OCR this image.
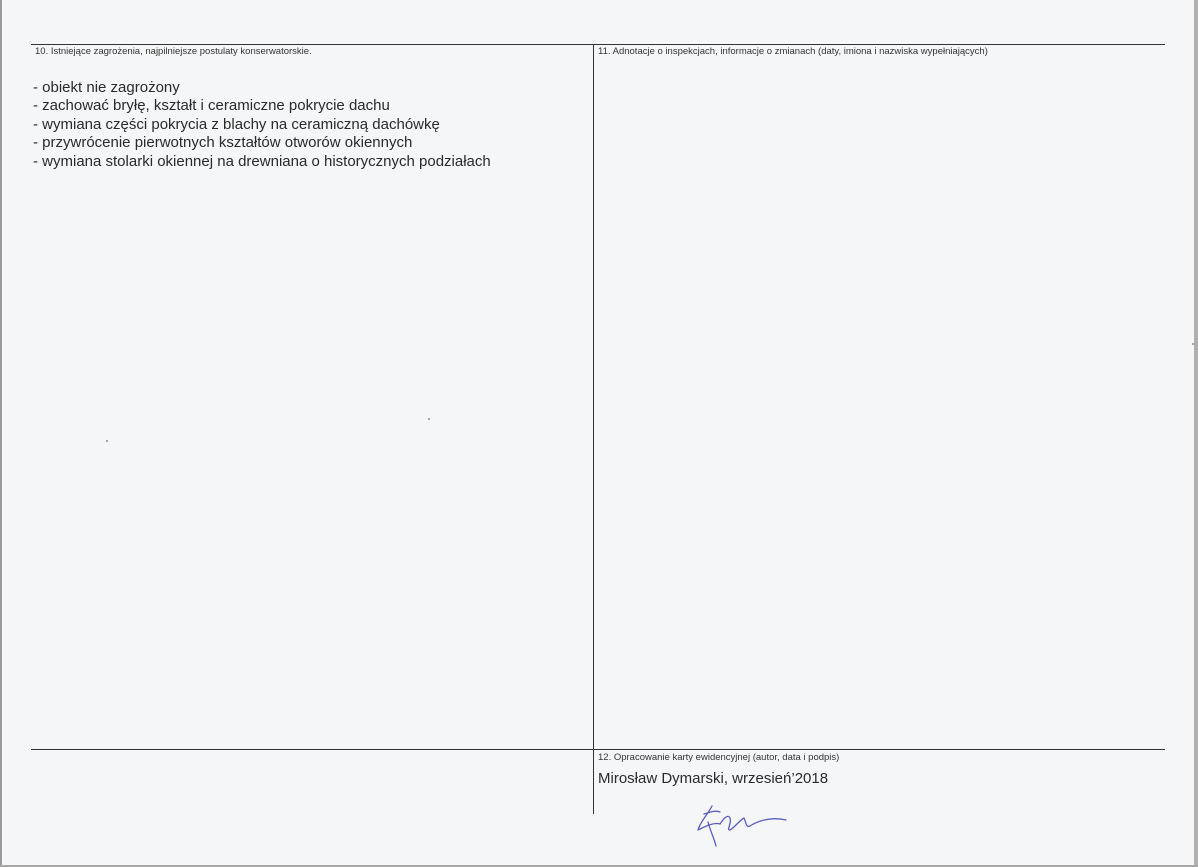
10. Istniejące zagrożenia, najpilniejsze postulaty konserwatorskie.
- obiekt nie zagrożony
- zachować bryłę, kształt i ceramiczne pokrycie dachu
- wymiana części pokrycia z blachy na ceramiczną dachówkę
- przywrócenie pierwotnych kształtów otworów okiennych
- wymiana stolarki okiennej na drewniana o historycznych podziałach
11. Adnotacje o inspekcjach, informacje o zmianach (daty, imiona i nazwiska wypełniających)
12. Opracowanie karty ewidencyjnej (autor, data i podpis)
Mirosław Dymarski, wrzesień’2018
